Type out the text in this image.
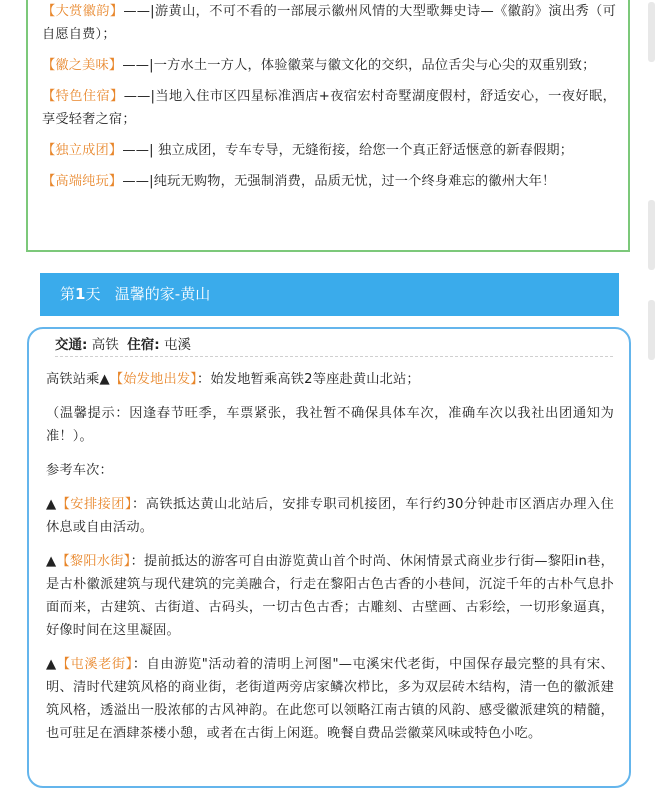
【大赏徽韵】——|游黄山，不可不看的一部展示徽州风情的大型歌舞史诗—《徽韵》演出秀（可自愿自费）；

【徽之美味】——|一方水土一方人，体验徽菜与徽文化的交织，品位舌尖与心尖的双重别致；

【特色住宿】——|当地入住市区四星标准酒店+夜宿宏村奇墅湖度假村，舒适安心，一夜好眠，享受轻奢之宿；

【独立成团】——| 独立成团，专车专导，无缝衔接，给您一个真正舒适惬意的新春假期；

【高端纯玩】——|纯玩无购物，无强制消费，品质无忧，过一个终身难忘的徽州大年！

第1天 温馨的家-黄山
交通: 高铁 住宿: 屯溪

高铁站乘▲【始发地出发】：始发地暂乘高铁2等座赴黄山北站；

（温馨提示：因逢春节旺季，车票紧张，我社暂不确保具体车次，准确车次以我社出团通知为准！）。

参考车次：

▲【安排接团】：高铁抵达黄山北站后，安排专职司机接团，车行约30分钟赴市区酒店办理入住休息或自由活动。

▲【黎阳水街】：提前抵达的游客可自由游览黄山首个时尚、休闲情景式商业步行街—黎阳in巷，是古朴徽派建筑与现代建筑的完美融合，行走在黎阳古色古香的小巷间，沉淀千年的古朴气息扑面而来，古建筑、古街道、古码头，一切古色古香；古雕刻、古壁画、古彩绘，一切形象逼真，好像时间在这里凝固。

▲【屯溪老街】：自由游览"活动着的清明上河图"—屯溪宋代老街，中国保存最完整的具有宋、明、清时代建筑风格的商业街，老街道两旁店家鳞次栉比，多为双层砖木结构，清一色的徽派建筑风格，透溢出一股浓郁的古风神韵。在此您可以领略江南古镇的风韵、感受徽派建筑的精髓，也可驻足在酒肆茶楼小憩，或者在古街上闲逛。晚餐自费品尝徽菜风味或特色小吃。
